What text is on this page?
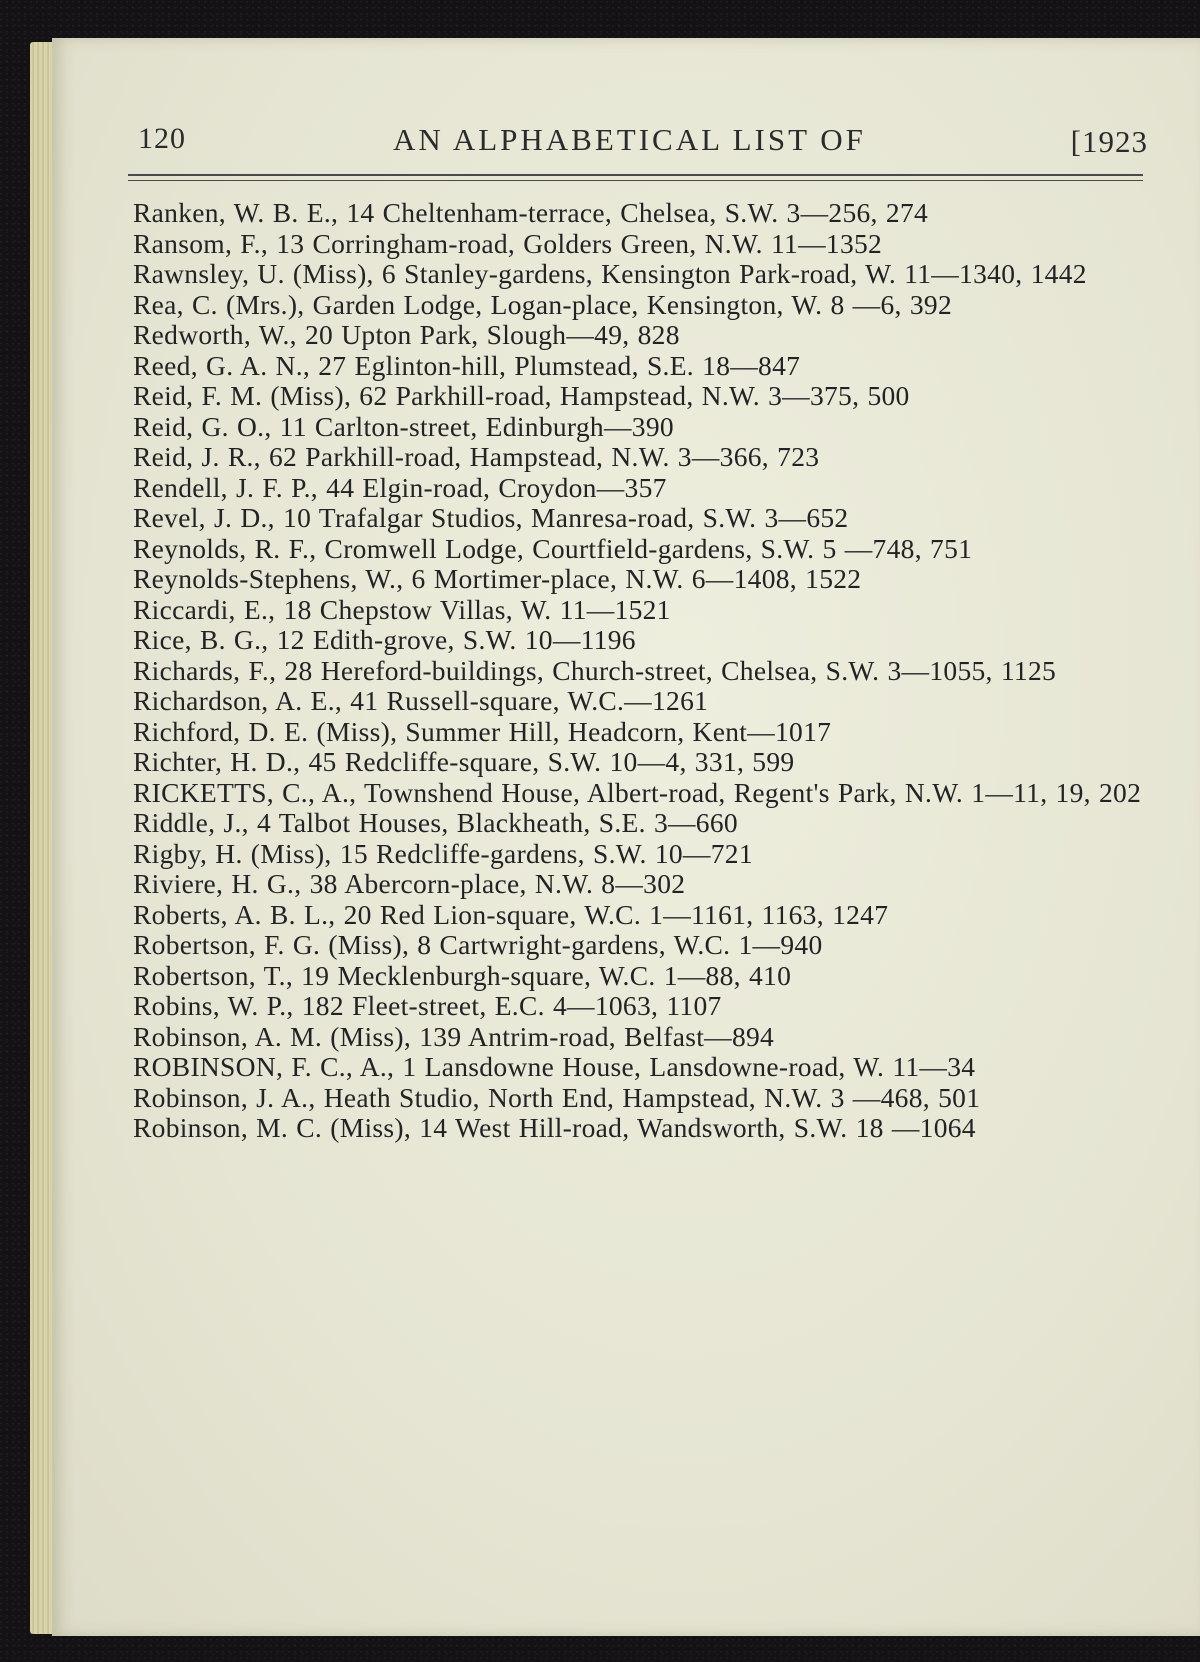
120	AN ALPHABETICAL LIST OF	[1923
Ranken, W. B. E., 14 Cheltenham-terrace, Chelsea, S.W. 3—256, 274
Ransom, F., 13 Corringham-road, Golders Green, N.W. 11—1352
Rawnsley, U. (Miss), 6 Stanley-gardens, Kensington Park-road, W. 11—1340, 1442
Rea, C. (Mrs.), Garden Lodge, Logan-place, Kensington, W. 8 —6, 392
Redworth, W., 20 Upton Park, Slough—49, 828
Reed, G. A. N., 27 Eglinton-hill, Plumstead, S.E. 18—847
Reid, F. M. (Miss), 62 Parkhill-road, Hampstead, N.W. 3—375, 500
Reid, G. O., 11 Carlton-street, Edinburgh—390
Reid, J. R., 62 Parkhill-road, Hampstead, N.W. 3—366, 723
Rendell, J. F. P., 44 Elgin-road, Croydon—357
Revel, J. D., 10 Trafalgar Studios, Manresa-road, S.W. 3—652
Reynolds, R. F., Cromwell Lodge, Courtfield-gardens, S.W. 5 —748, 751
Reynolds-Stephens, W., 6 Mortimer-place, N.W. 6—1408, 1522
Riccardi, E., 18 Chepstow Villas, W. 11—1521
Rice, B. G., 12 Edith-grove, S.W. 10—1196
Richards, F., 28 Hereford-buildings, Church-street, Chelsea, S.W. 3—1055, 1125
Richardson, A. E., 41 Russell-square, W.C.—1261
Richford, D. E. (Miss), Summer Hill, Headcorn, Kent—1017
Richter, H. D., 45 Redcliffe-square, S.W. 10—4, 331, 599
RICKETTS, C., A., Townshend House, Albert-road, Regent's Park, N.W. 1—11, 19, 202
Riddle, J., 4 Talbot Houses, Blackheath, S.E. 3—660
Rigby, H. (Miss), 15 Redcliffe-gardens, S.W. 10—721
Riviere, H. G., 38 Abercorn-place, N.W. 8—302
Roberts, A. B. L., 20 Red Lion-square, W.C. 1—1161, 1163, 1247
Robertson, F. G. (Miss), 8 Cartwright-gardens, W.C. 1—940
Robertson, T., 19 Mecklenburgh-square, W.C. 1—88, 410
Robins, W. P., 182 Fleet-street, E.C. 4—1063, 1107
Robinson, A. M. (Miss), 139 Antrim-road, Belfast—894
ROBINSON, F. C., A., 1 Lansdowne House, Lansdowne-road, W. 11—34
Robinson, J. A., Heath Studio, North End, Hampstead, N.W. 3 —468, 501
Robinson, M. C. (Miss), 14 West Hill-road, Wandsworth, S.W. 18 —1064
